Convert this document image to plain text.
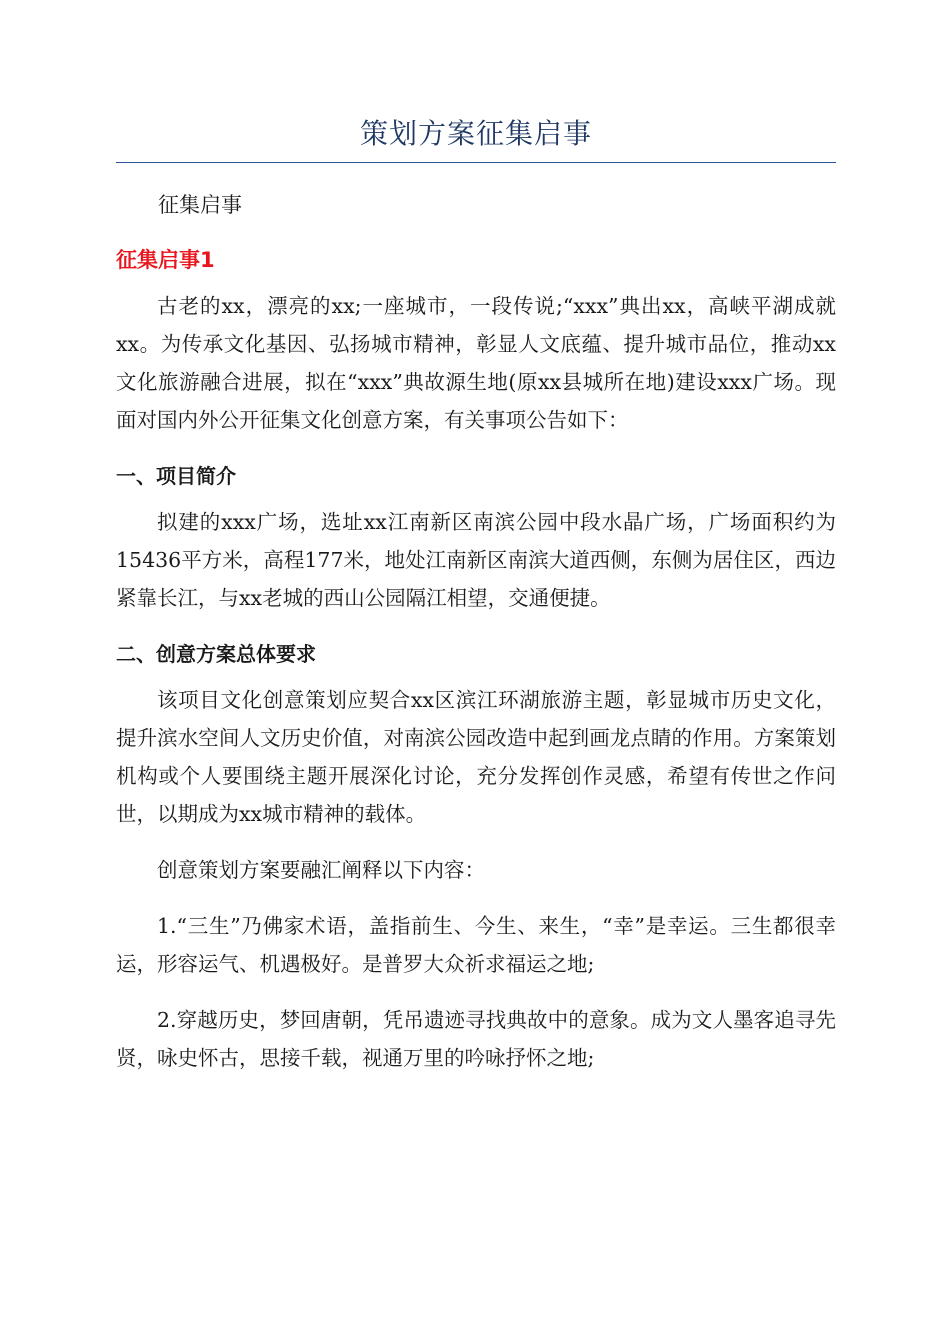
策划方案征集启事

征集启事

征集启事1

古老的xx，漂亮的xx;一座城市，一段传说;“xxx”典出xx，高峡平湖成就xx。为传承文化基因、弘扬城市精神，彰显人文底蕴、提升城市品位，推动xx文化旅游融合进展，拟在“xxx”典故源生地(原xx县城所在地)建设xxx广场。现面对国内外公开征集文化创意方案，有关事项公告如下：

一、项目简介

拟建的xxx广场，选址xx江南新区南滨公园中段水晶广场，广场面积约为15436平方米，高程177米，地处江南新区南滨大道西侧，东侧为居住区，西边紧靠长江，与xx老城的西山公园隔江相望，交通便捷。

二、创意方案总体要求

该项目文化创意策划应契合xx区滨江环湖旅游主题，彰显城市历史文化，提升滨水空间人文历史价值，对南滨公园改造中起到画龙点睛的作用。方案策划机构或个人要围绕主题开展深化讨论，充分发挥创作灵感，希望有传世之作问世，以期成为xx城市精神的载体。

创意策划方案要融汇阐释以下内容：

1.“三生”乃佛家术语，盖指前生、今生、来生，“幸”是幸运。三生都很幸运，形容运气、机遇极好。是普罗大众祈求福运之地;

2.穿越历史，梦回唐朝，凭吊遗迹寻找典故中的意象。成为文人墨客追寻先贤，咏史怀古，思接千载，视通万里的吟咏抒怀之地;
